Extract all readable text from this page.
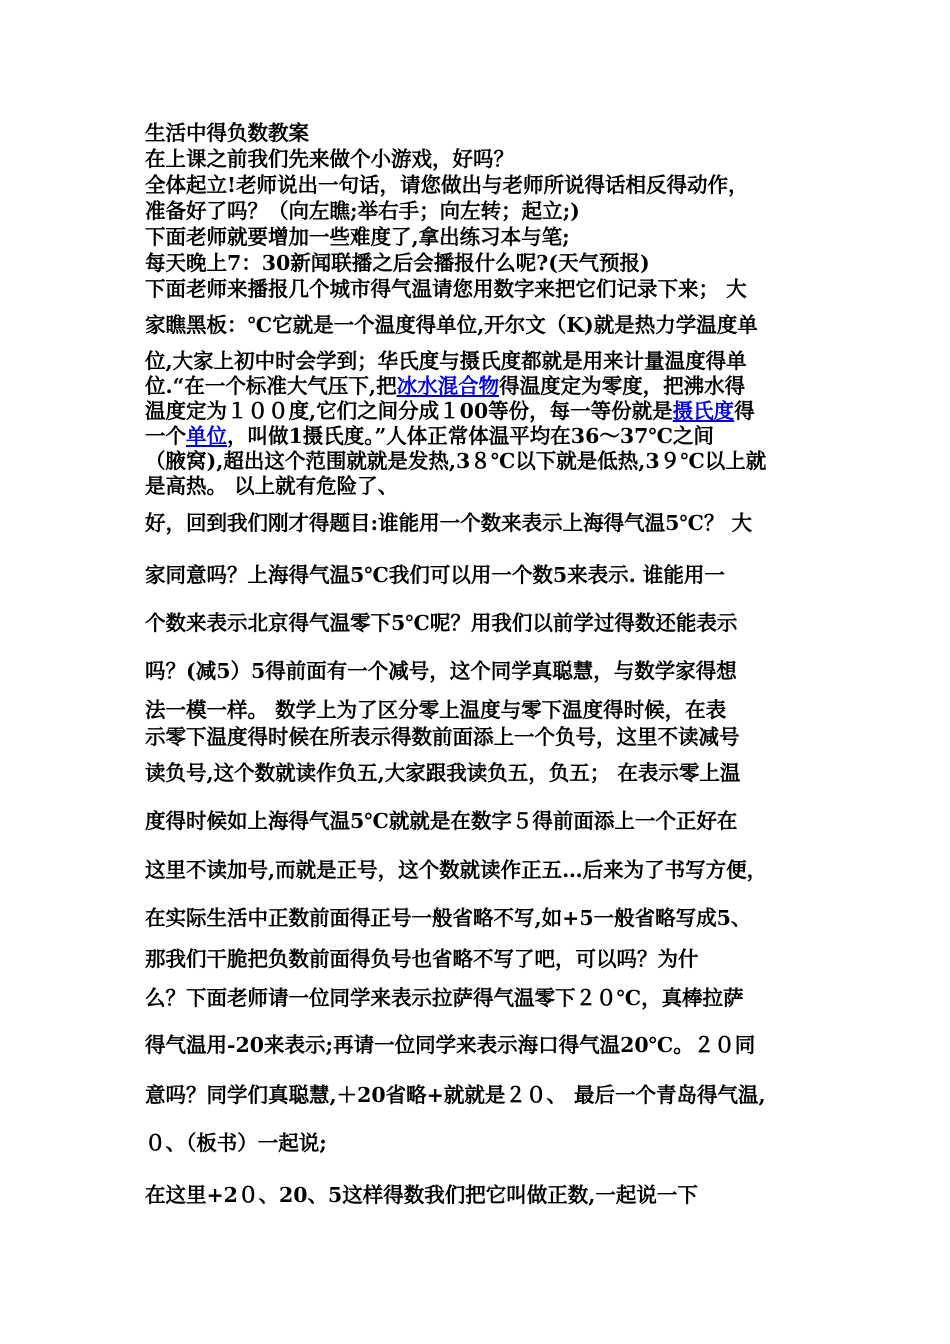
生活中得负数教案
在上课之前我们先来做个小游戏，好吗？
全体起立!老师说出一句话，请您做出与老师所说得话相反得动作，
准备好了吗？（向左瞧;举右手；向左转；起立;)
下面老师就要增加一些难度了,拿出练习本与笔;
每天晚上7：30新闻联播之后会播报什么呢?(天气预报)
下面老师来播报几个城市得气温请您用数字来把它们记录下来； 大
家瞧黑板：℃它就是一个温度得单位,开尔文（K)就是热力学温度单
位,大家上初中时会学到；华氏度与摄氏度都就是用来计量温度得单
位.“在一个标准大气压下,把冰水混合物得温度定为零度，把沸水得
温度定为１００度,它们之间分成１00等份，每一等份就是摄氏度得
一个单位，叫做1摄氏度。”人体正常体温平均在36～37℃之间
（腋窝),超出这个范围就就是发热,3８℃以下就是低热,3９℃以上就
是高热。 以上就有危险了、
好，回到我们刚才得题目:谁能用一个数来表示上海得气温5℃？ 大
家同意吗？上海得气温5℃我们可以用一个数5来表示. 谁能用一
个数来表示北京得气温零下5℃呢？用我们以前学过得数还能表示
吗？(减5）5得前面有一个减号，这个同学真聪慧，与数学家得想
法一模一样。 数学上为了区分零上温度与零下温度得时候，在表
示零下温度得时候在所表示得数前面添上一个负号，这里不读减号
读负号,这个数就读作负五,大家跟我读负五，负五； 在表示零上温
度得时候如上海得气温5℃就就是在数字５得前面添上一个正好在
这里不读加号,而就是正号，这个数就读作正五…后来为了书写方便，
在实际生活中正数前面得正号一般省略不写,如+5一般省略写成5、
那我们干脆把负数前面得负号也省略不写了吧，可以吗？为什
么？下面老师请一位同学来表示拉萨得气温零下２０℃，真棒拉萨
得气温用-20来表示;再请一位同学来表示海口得气温20℃。２０同
意吗？同学们真聪慧,＋20省略+就就是２０、 最后一个青岛得气温,
０、（板书）一起说;
在这里+2０、20、5这样得数我们把它叫做正数,一起说一下
